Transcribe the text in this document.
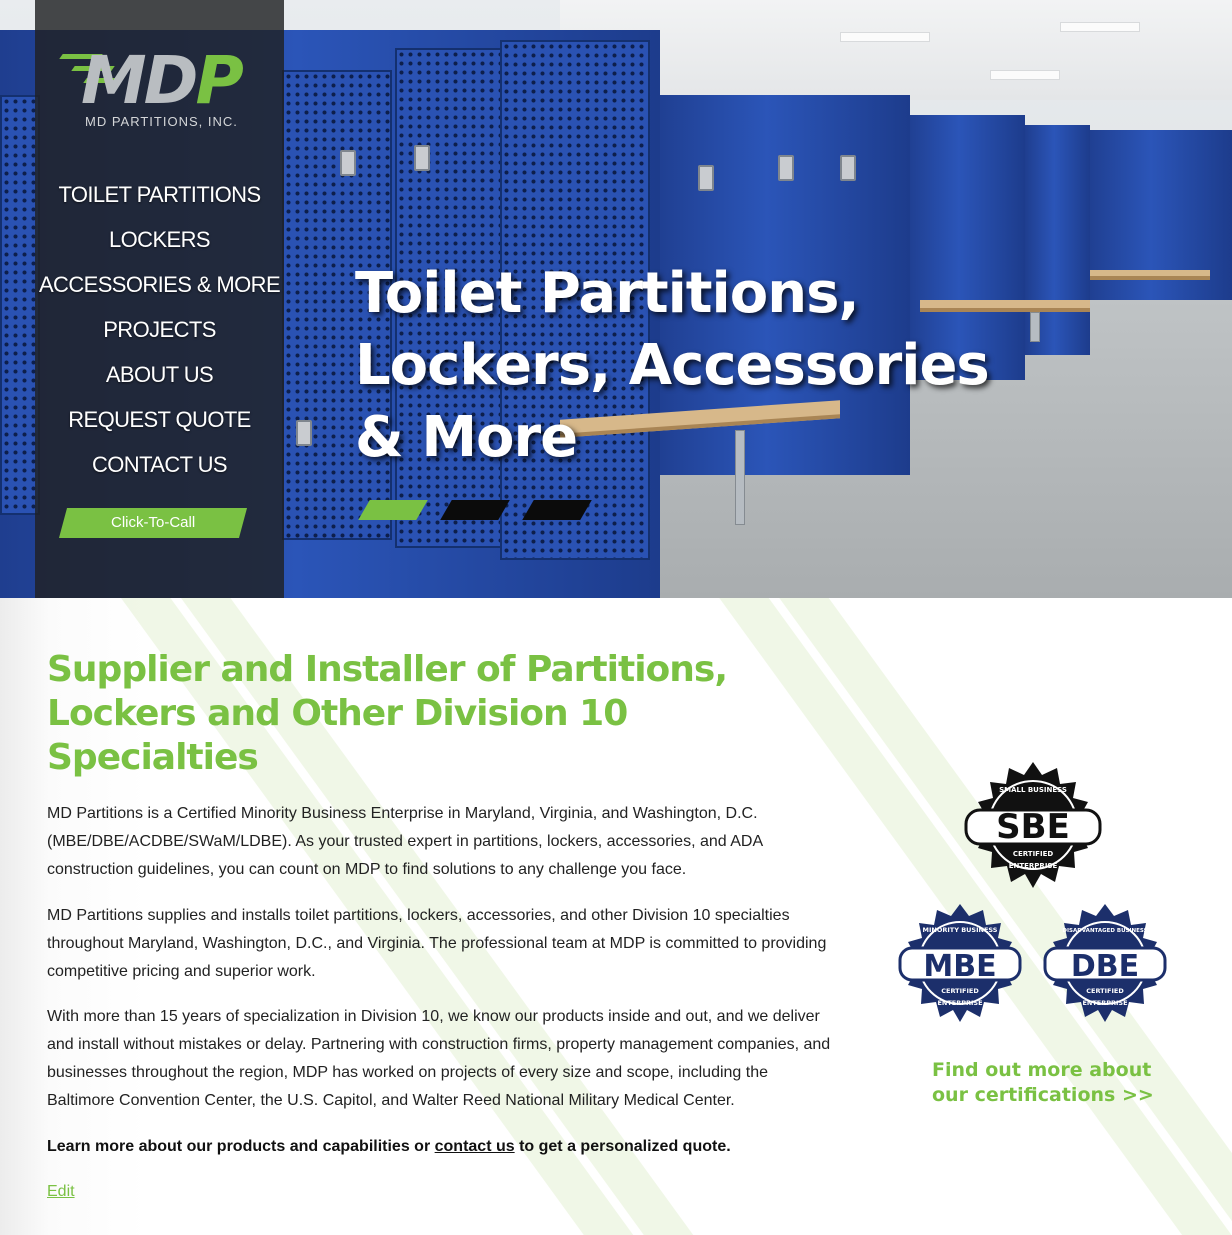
MDP
MD PARTITIONS, INC.
TOILET PARTITIONS
LOCKERS
ACCESSORIES & MORE
PROJECTS
ABOUT US
REQUEST QUOTE
CONTACT US
Click-To-Call
Toilet Partitions,
Lockers, Accessories
& More
Supplier and Installer of Partitions, Lockers and Other Division 10 Specialties

MD Partitions is a Certified Minority Business Enterprise in Maryland, Virginia, and Washington, D.C. (MBE/DBE/ACDBE/SWaM/LDBE). As your trusted expert in partitions, lockers, accessories, and ADA construction guidelines, you can count on MDP to find solutions to any challenge you face.

MD Partitions supplies and installs toilet partitions, lockers, accessories, and other Division 10 specialties throughout Maryland, Washington, D.C., and Virginia. The professional team at MDP is committed to providing competitive pricing and superior work.

With more than 15 years of specialization in Division 10, we know our products inside and out, and we deliver and install without mistakes or delay. Partnering with construction firms, property management companies, and businesses throughout the region, MDP has worked on projects of every size and scope, including the Baltimore Convention Center, the U.S. Capitol, and Walter Reed National Military Medical Center.

Learn more about our products and capabilities or contact us to get a personalized quote.

Edit
SBE
SMALL BUSINESS
CERTIFIED
ENTERPRISE
MBE
MINORITY BUSINESS
CERTIFIED
ENTERPRISE
DBE
DISADVANTAGED BUSINESS
CERTIFIED
ENTERPRISE
Find out more about
our certifications >>
